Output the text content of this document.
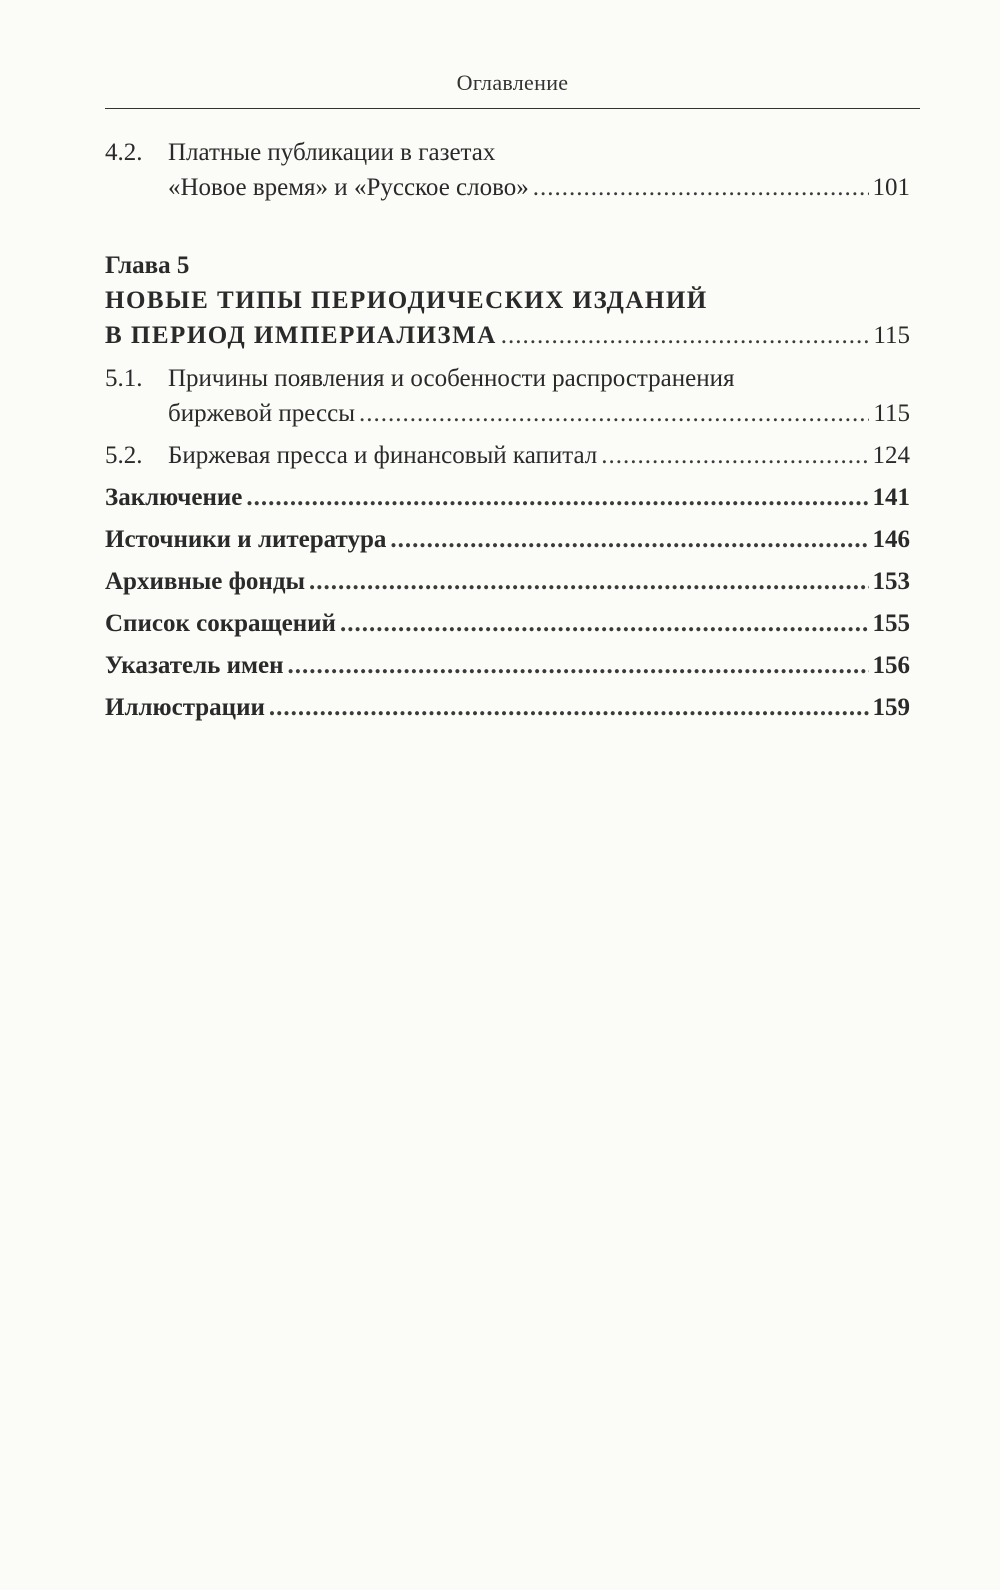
Оглавление
4.2.	Платные публикации в газетах
«Новое время» и «Русское слово» .....	101
Глава 5
НОВЫЕ ТИПЫ ПЕРИОДИЧЕСКИХ ИЗДАНИЙ
В ПЕРИОД ИМПЕРИАЛИЗМА .....	115
5.1.	Причины появления и особенности распространения
биржевой прессы .....	115
5.2.	Биржевая пресса и финансовый капитал .....	124
Заключение .....	141
Источники и литература .....	146
Архивные фонды .....	153
Список сокращений .....	155
Указатель имен .....	156
Иллюстрации .....	159
